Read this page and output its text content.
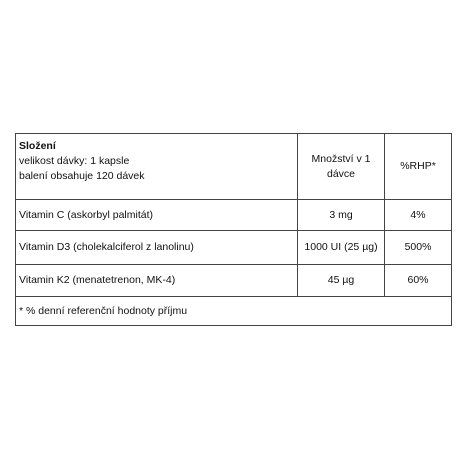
Složení
velikost dávky: 1 kapsle
balení obsahuje 120 dávek	Množství v 1 dávce	%RHP*
Vitamin C (askorbyl palmitát)	3 mg	4%
Vitamin D3 (cholekalciferol z lanolinu)	1000 UI (25 µg)	500%
Vitamin K2 (menatetrenon, MK-4)	45 µg	60%
* % denní referenční hodnoty příjmu		
